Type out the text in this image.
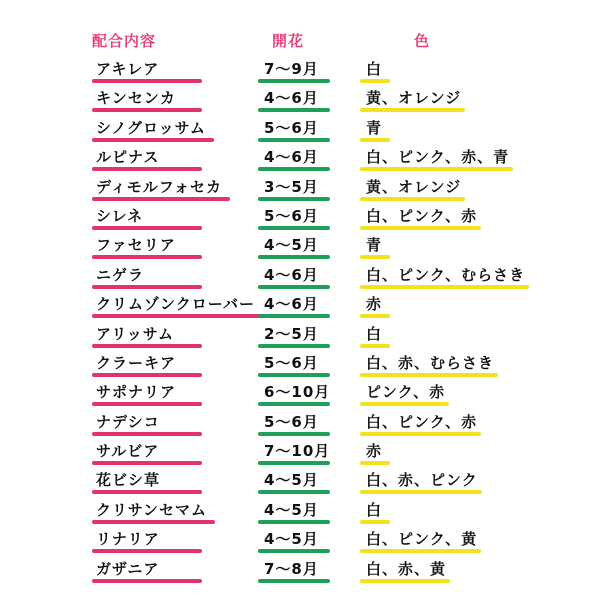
配合内容	開花	色
アキレア	7～9月	白
キンセンカ	4～6月	黄、オレンジ
シノグロッサム	5～6月	青
ルピナス	4～6月	白、ピンク、赤、青
ディモルフォセカ	3～5月	黄、オレンジ
シレネ	5～6月	白、ピンク、赤
ファセリア	4～5月	青
ニゲラ	4～6月	白、ピンク、むらさき
クリムゾンクローバー 4～6月	赤
アリッサム	2～5月	白
クラーキア	5～6月	白、赤、むらさき
サポナリア	6～10月 ピンク、赤
ナデシコ	5～6月	白、ピンク、赤
サルビア	7～10月 赤
花ビシ草	4～5月	白、赤、ピンク
クリサンセマム	4～5月	白
リナリア	4～5月	白、ピンク、黄
ガザニア	7～8月	白、赤、黄
